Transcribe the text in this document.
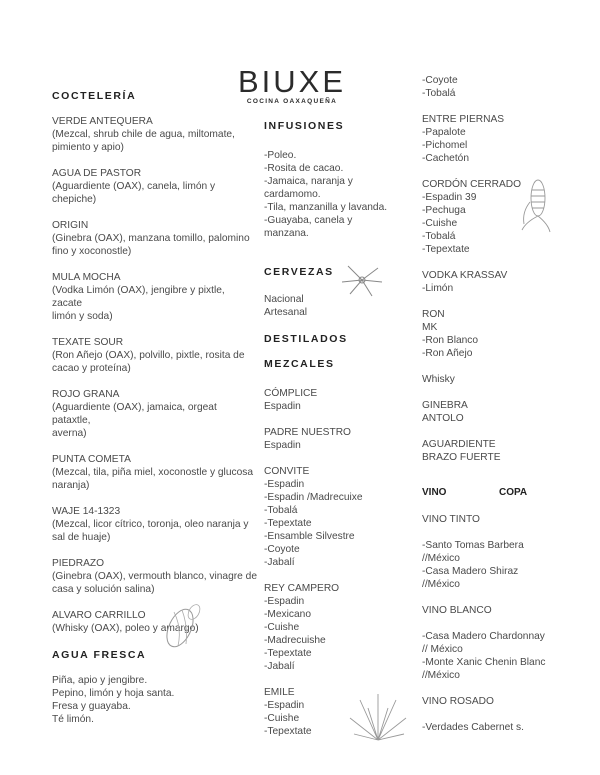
BIUXE
COCINA OAXAQUEÑA
COCTELERÍA
VERDE ANTEQUERA
(Mezcal, shrub chile de agua, miltomate,
pimiento y apio)
AGUA DE PASTOR
(Aguardiente (OAX), canela, limón y
chepiche)
ORIGIN
(Ginebra (OAX), manzana tomillo, palomino
fino y xoconostle)
MULA MOCHA
(Vodka Limón (OAX), jengibre y pixtle, zacate
limón y soda)
TEXATE SOUR
(Ron Añejo (OAX), polvillo, pixtle, rosita de
cacao y proteína)
ROJO GRANA
(Aguardiente (OAX), jamaica, orgeat pataxtle,
averna)
PUNTA COMETA
(Mezcal, tila, piña miel, xoconostle y glucosa
naranja)
WAJE 14-1323
(Mezcal, licor cítrico, toronja, oleo naranja y
sal de huaje)
PIEDRAZO
(Ginebra (OAX), vermouth blanco, vinagre de
casa y solución salina)
ALVARO CARRILLO
(Whisky (OAX), poleo y amargo)
AGUA FRESCA
Piña, apio y jengibre.
Pepino, limón y hoja santa.
Fresa y guayaba.
Té limón.
INFUSIONES
-Poleo.
-Rosita de cacao.
-Jamaica, naranja y
cardamomo.
-Tila, manzanilla y lavanda.
-Guayaba, canela y
manzana.
CERVEZAS
Nacional
Artesanal
DESTILADOS
MEZCALES
CÓMPLICE
Espadin
PADRE NUESTRO
Espadin
CONVITE
-Espadin
-Espadin /Madrecuixe
-Tobalá
-Tepextate
-Ensamble Silvestre
-Coyote
-Jabalí
REY CAMPERO
-Espadin
-Mexicano
-Cuishe
-Madrecuishe
-Tepextate
-Jabalí
EMILE
-Espadin
-Cuishe
-Tepextate
-Coyote
-Tobalá
ENTRE PIERNAS
-Papalote
-Pichomel
-Cachetón
CORDÓN CERRADO
-Espadin 39
-Pechuga
-Cuishe
-Tobalá
-Tepextate
VODKA KRASSAV
-Limón
RON
MK
-Ron Blanco
-Ron Añejo
Whisky
GINEBRA
ANTOLO
AGUARDIENTE
BRAZO FUERTE
VINO	COPA
VINO TINTO
-Santo Tomas Barbera
//México
-Casa Madero Shiraz
//México
VINO BLANCO
-Casa Madero Chardonnay
// México
-Monte Xanic Chenin Blanc
//México
VINO ROSADO
-Verdades Cabernet s.
